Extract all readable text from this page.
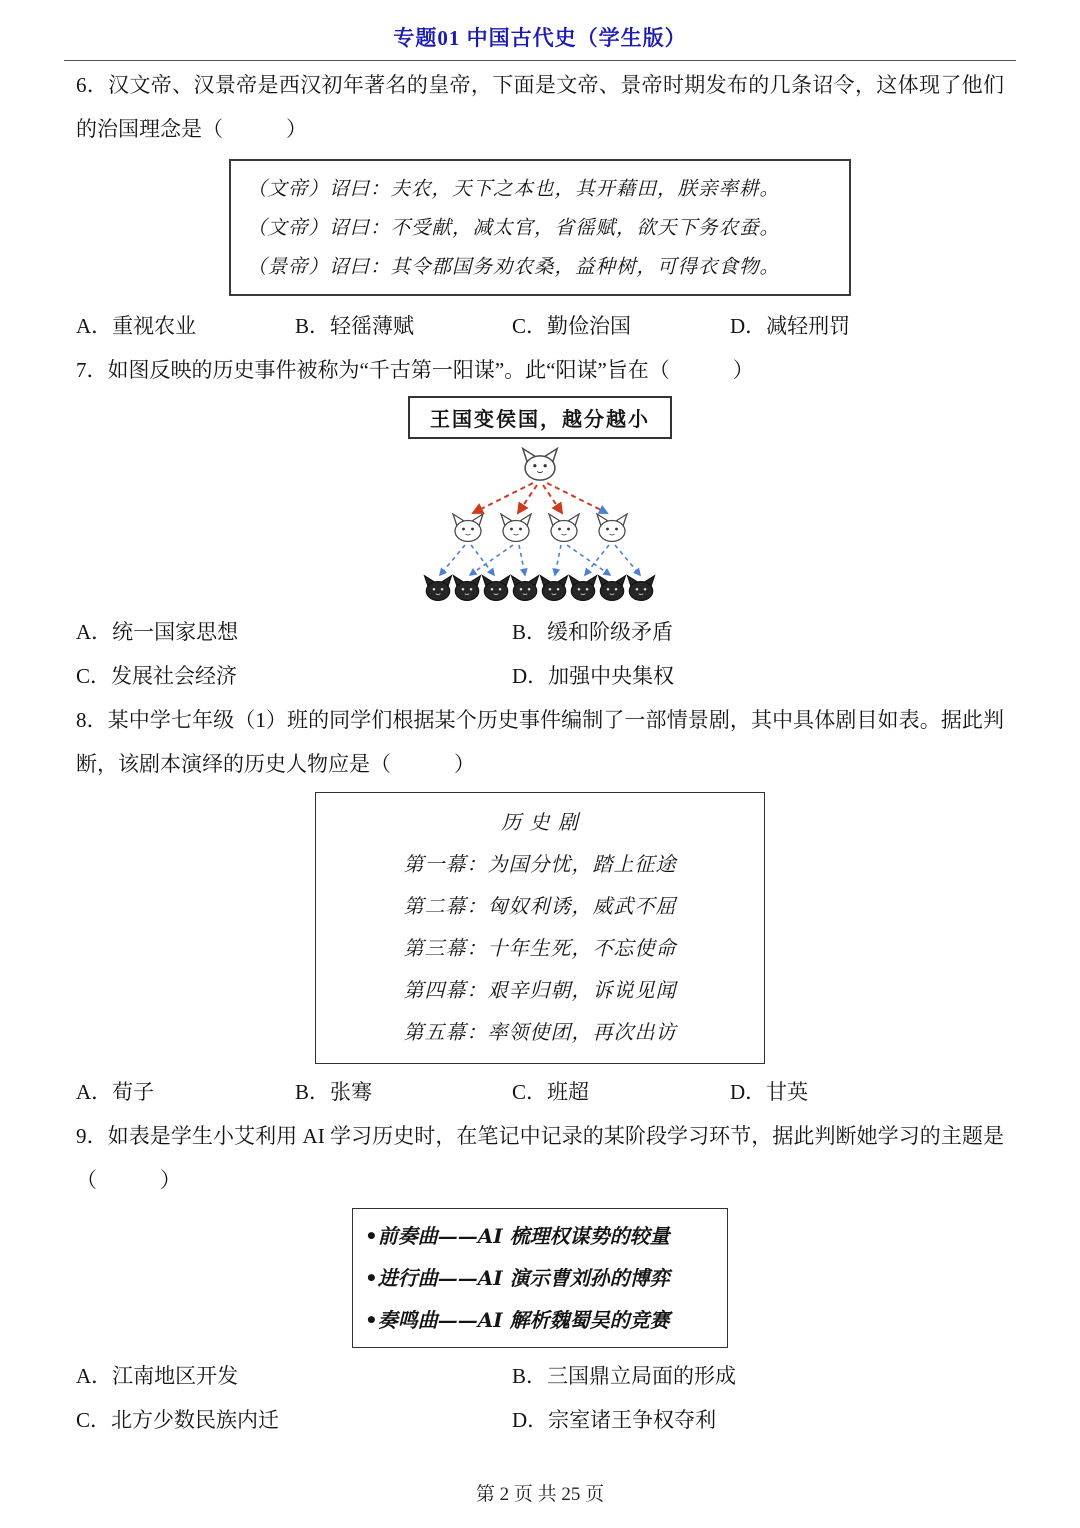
专题01 中国古代史（学生版）

6．汉文帝、汉景帝是西汉初年著名的皇帝，下面是文帝、景帝时期发布的几条诏令，这体现了他们的治国理念是（　　　）

（文帝）诏曰：夫农，天下之本也，其开藉田，朕亲率耕。

（文帝）诏曰：不受献，减太官，省徭赋，欲天下务农蚕。

（景帝）诏曰：其令郡国务劝农桑，益种树，可得衣食物。

A．重视农业	B．轻徭薄赋	C．勤俭治国	D．减轻刑罚

7．如图反映的历史事件被称为“千古第一阳谋”。此“阳谋”旨在（　　　）

王国变侯国，越分越小
A．统一国家思想	B．缓和阶级矛盾
C．发展社会经济	D．加强中央集权

8．某中学七年级（1）班的同学们根据某个历史事件编制了一部情景剧，其中具体剧目如表。据此判断，该剧本演绎的历史人物应是（　　　）

历 史 剧

第一幕：为国分忧，踏上征途

第二幕：匈奴利诱，威武不屈

第三幕：十年生死，不忘使命

第四幕：艰辛归朝，诉说见闻

第五幕：率领使团，再次出访

A．荀子	B．张骞	C．班超	D．甘英

9．如表是学生小艾利用 AI 学习历史时，在笔记中记录的某阶段学习环节，据此判断她学习的主题是（　　　）

•前奏曲——AI 梳理权谋势的较量

•进行曲——AI 演示曹刘孙的博弈

•奏鸣曲——AI 解析魏蜀吴的竞赛

A．江南地区开发	B．三国鼎立局面的形成
C．北方少数民族内迁	D．宗室诸王争权夺利
第 2 页 共 25 页
